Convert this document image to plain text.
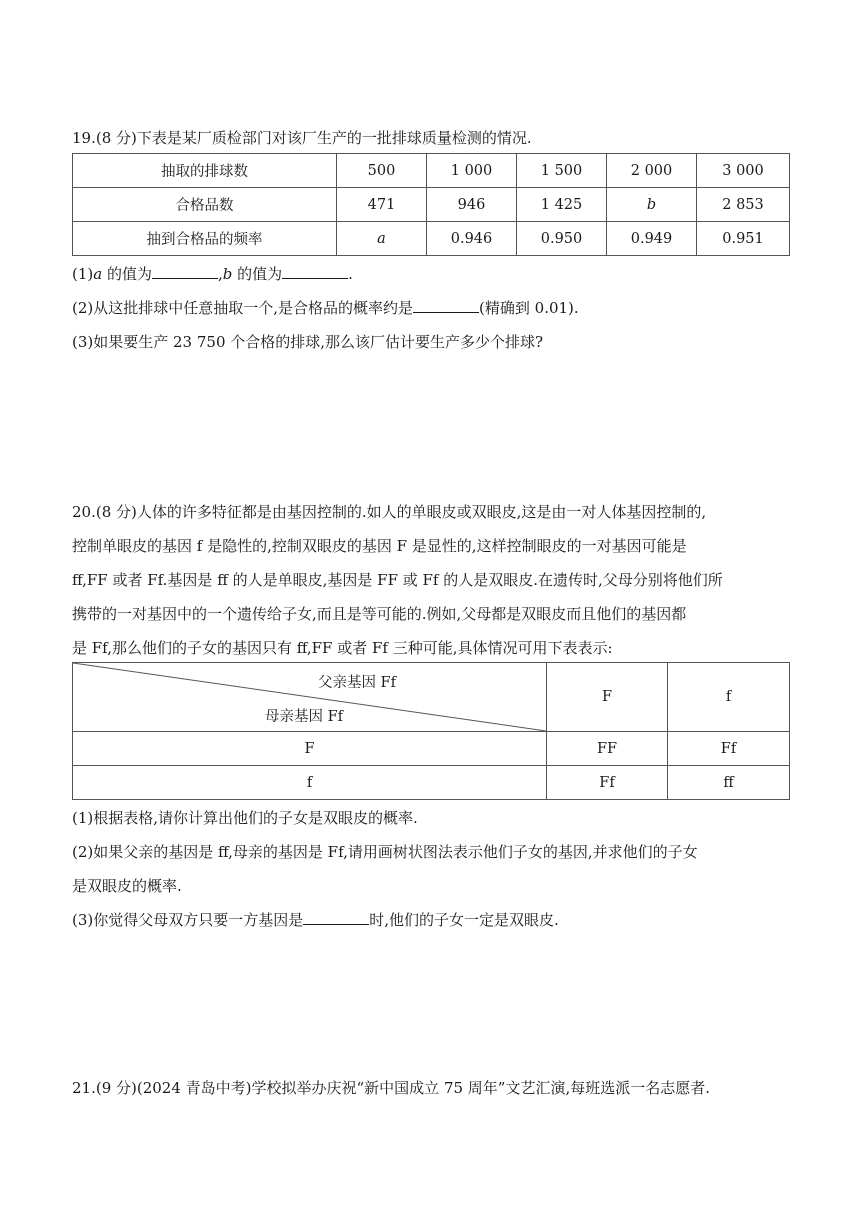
19.(8 分)下表是某厂质检部门对该厂生产的一批排球质量检测的情况.
抽取的排球数	500	1 000	1 500	2 000	3 000
合格品数	471	946	1 425	b	2 853
抽到合格品的频率	a	0.946	0.950	0.949	0.951
(1)a 的值为	,b 的值为	.
(2)从这批排球中任意抽取一个,是合格品的概率约是	(精确到 0.01).
(3)如果要生产 23 750 个合格的排球,那么该厂估计要生产多少个排球?
20.(8 分)人体的许多特征都是由基因控制的.如人的单眼皮或双眼皮,这是由一对人体基因控制的,
控制单眼皮的基因 f 是隐性的,控制双眼皮的基因 F 是显性的,这样控制眼皮的一对基因可能是
ff,FF 或者 Ff.基因是 ff 的人是单眼皮,基因是 FF 或 Ff 的人是双眼皮.在遗传时,父母分别将他们所
携带的一对基因中的一个遗传给子女,而且是等可能的.例如,父母都是双眼皮而且他们的基因都
是 Ff,那么他们的子女的基因只有 ff,FF 或者 Ff 三种可能,具体情况可用下表表示:
父亲基因 Ff
母亲基因 Ff	F	f
F	FF	Ff
f	Ff	ff
(1)根据表格,请你计算出他们的子女是双眼皮的概率.
(2)如果父亲的基因是 ff,母亲的基因是 Ff,请用画树状图法表示他们子女的基因,并求他们的子女
是双眼皮的概率.
(3)你觉得父母双方只要一方基因是	时,他们的子女一定是双眼皮.
21.(9 分)(2024 青岛中考)学校拟举办庆祝“新中国成立 75 周年”文艺汇演,每班选派一名志愿者.
